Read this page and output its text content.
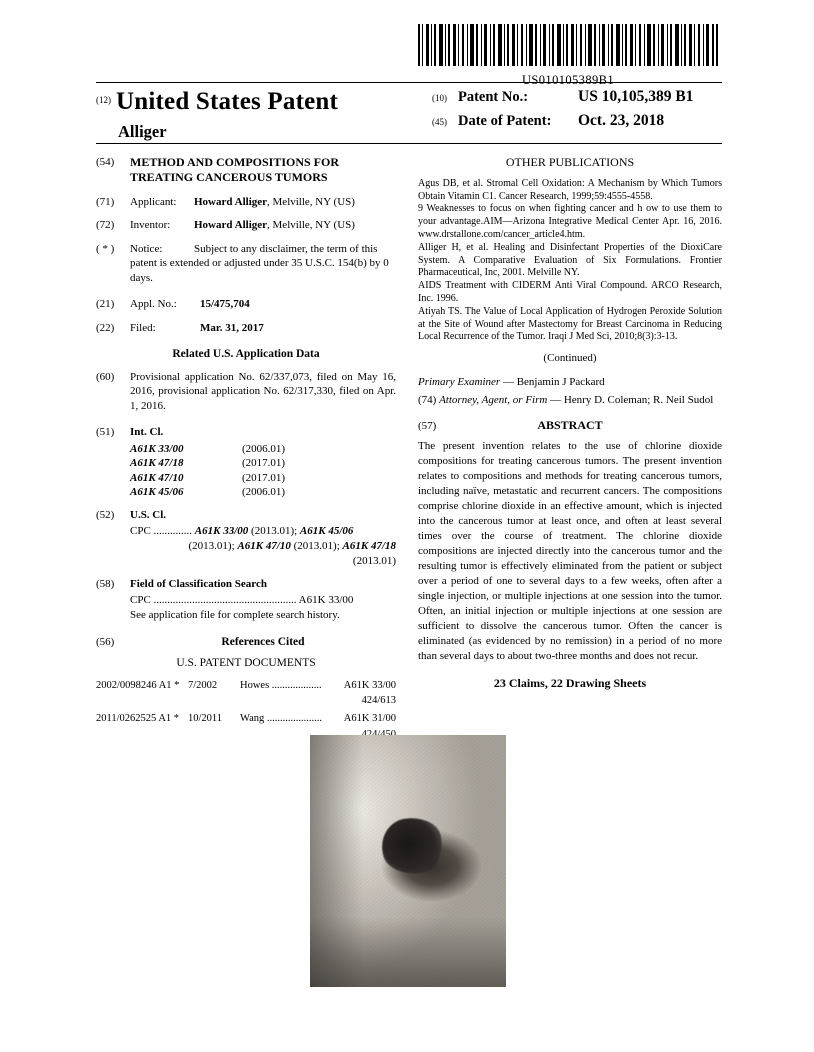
US010105389B1
$^{(12)}$ United States Patent
Alliger
(10) Patent No.:	US 10,105,389 B1
(45) Date of Patent:	Oct. 23, 2018
(54)	METHOD AND COMPOSITIONS FOR TREATING CANCEROUS TUMORS
(71)	Applicant: Howard Alliger, Melville, NY (US)
(72)	Inventor: Howard Alliger, Melville, NY (US)
( * )	Notice:	Subject to any disclaimer, the term of this patent is extended or adjusted under 35 U.S.C. 154(b) by 0 days.
(21)	Appl. No.: 15/475,704
(22)	Filed:	Mar. 31, 2017
Related U.S. Application Data
(60)	Provisional application No. 62/337,073, filed on May 16, 2016, provisional application No. 62/317,330, filed on Apr. 1, 2016.
(51)	Int. Cl.
A61K 33/00	(2006.01)
A61K 47/18	(2017.01)
A61K 47/10	(2017.01)
A61K 45/06	(2006.01)
(52)	U.S. Cl.
CPC .............. A61K 33/00 (2013.01); A61K 45/06
(2013.01); A61K 47/10 (2013.01); A61K 47/18
(2013.01)
(58)	Field of Classification Search
CPC .................................................... A61K 33/00
See application file for complete search history.
(56)	References Cited
U.S. PATENT DOCUMENTS
2002/0098246 A1 * 7/2002	Howes ...................	A61K 33/00
424/613
2011/0262525 A1 * 10/2011	Wang .....................	A61K 31/00
OTHER PUBLICATIONS
Agus DB, et al. Stromal Cell Oxidation: A Mechanism by Which Tumors Obtain Vitamin C1. Cancer Research, 1999;59:4555-4558.
9 Weaknesses to focus on when fighting cancer and h ow to use them to your advantage.AIM—Arizona Integrative Medical Center Apr. 16, 2016. www.drstallone.com/cancer_article4.htm.
Alliger H, et al. Healing and Disinfectant Properties of the DioxiCare System. A Comparative Evaluation of Six Formulations. Frontier Pharmaceutical, Inc, 2001. Melville NY.
AIDS Treatment with CIDERM Anti Viral Compound. ARCO Research, Inc. 1996.
Atiyah TS. The Value of Local Application of Hydrogen Peroxide Solution at the Site of Wound after Mastectomy for Breast Carcinoma in Reducing Local Recurrence of the Tumor. Iraqi J Med Sci, 2010;8(3):3-13.
(Continued)
Primary Examiner — Benjamin J Packard
(74) Attorney, Agent, or Firm — Henry D. Coleman; R. Neil Sudol
(57)	ABSTRACT
The present invention relates to the use of chlorine dioxide compositions for treating cancerous tumors. The present invention relates to compositions and methods for treating cancerous tumors, including naïve, metastatic and recurrent cancers. The compositions comprise chlorine dioxide in an effective amount, which is injected into the cancerous tumor at least once, and often at least several times over the course of treatment. The chlorine dioxide compositions are injected directly into the cancerous tumor and the resulting tumor is effectively eliminated from the patient or subject over a period of one to several days to a few weeks, often after a single injection, or multiple injections at one session into the tumor. Often, an initial injection or multiple injections at one session are sufficient to dissolve the cancerous tumor. Often the cancer is eliminated (as evidenced by no remission) in a period of no more than several days to about two-three months and does not recur.
23 Claims, 22 Drawing Sheets
